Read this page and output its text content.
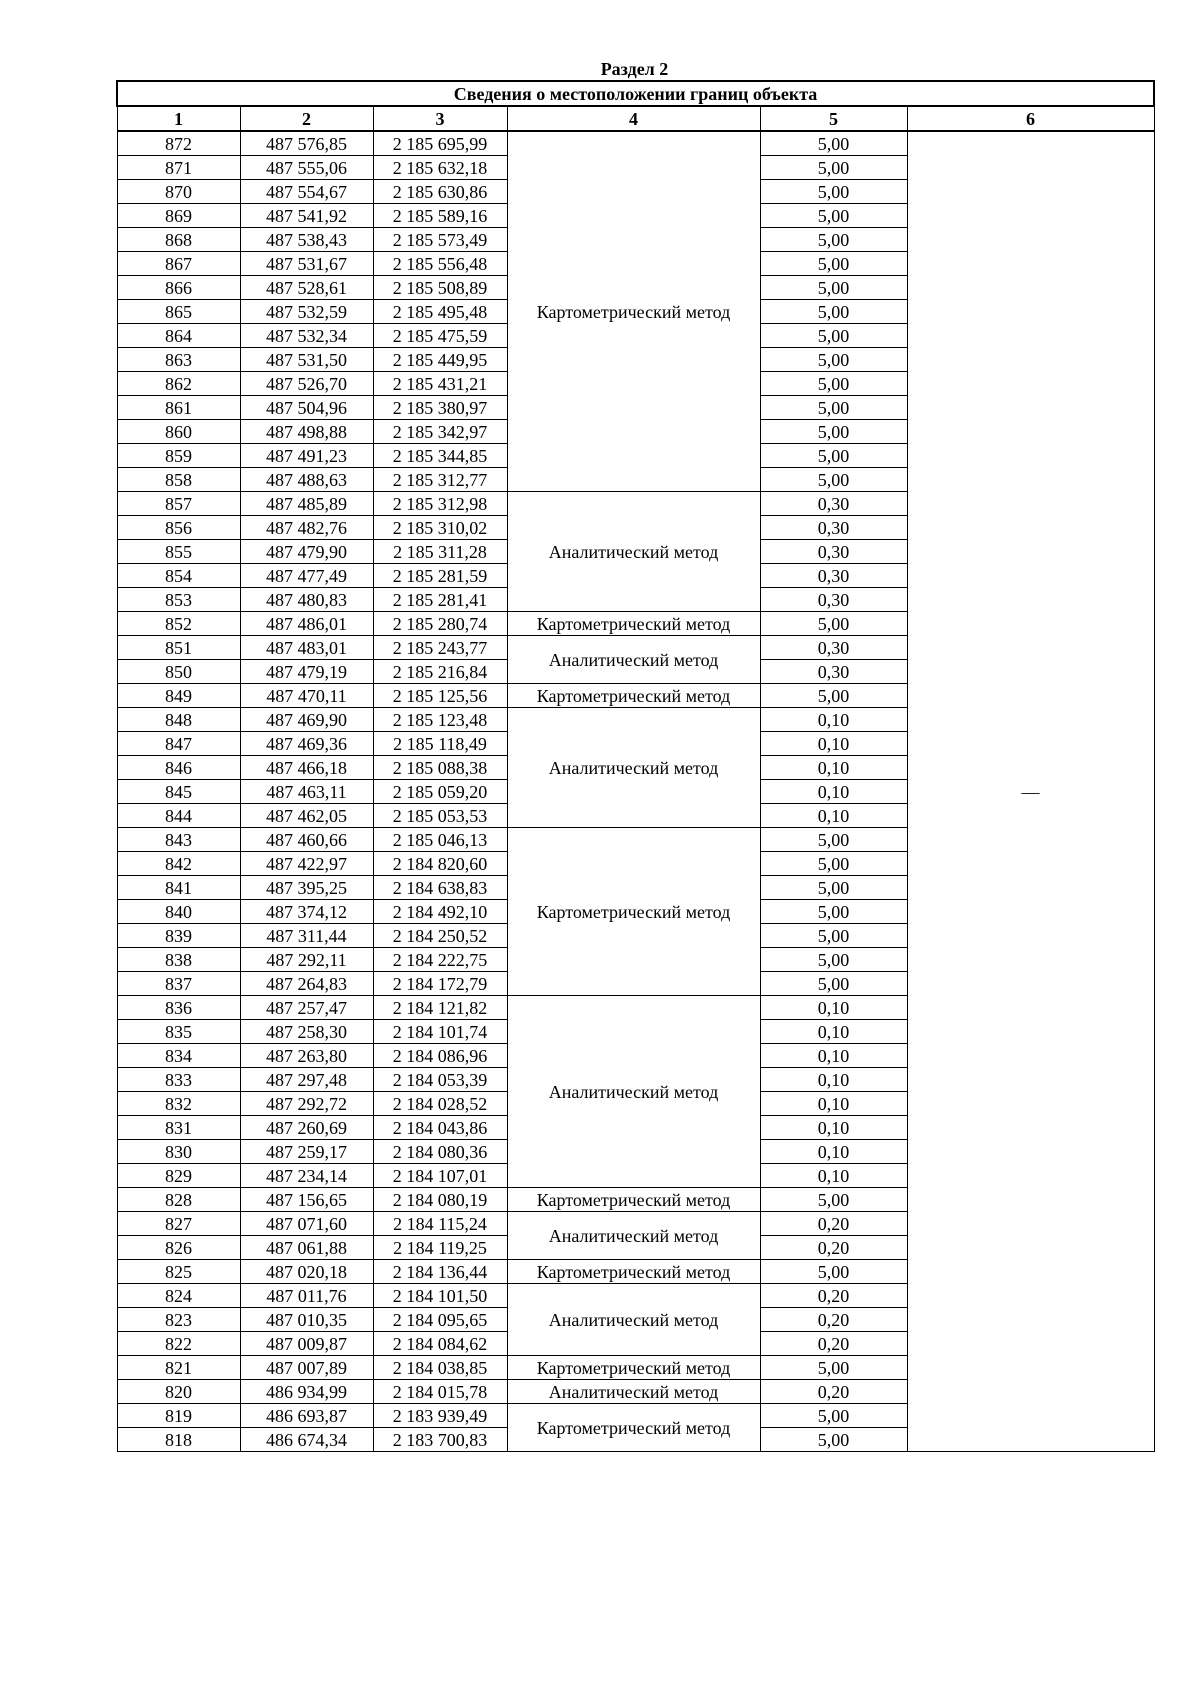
Раздел 2
Сведения о местоположении границ объекта					
1	2	3	4	5	6
872	487 576,85	2 185 695,99	Картометрический метод	5,00	—
871	487 555,06	2 185 632,18		5,00	
870	487 554,67	2 185 630,86		5,00	
869	487 541,92	2 185 589,16		5,00	
868	487 538,43	2 185 573,49		5,00	
867	487 531,67	2 185 556,48		5,00	
866	487 528,61	2 185 508,89		5,00	
865	487 532,59	2 185 495,48		5,00	
864	487 532,34	2 185 475,59		5,00	
863	487 531,50	2 185 449,95		5,00	
862	487 526,70	2 185 431,21		5,00	
861	487 504,96	2 185 380,97		5,00	
860	487 498,88	2 185 342,97		5,00	
859	487 491,23	2 185 344,85		5,00	
858	487 488,63	2 185 312,77		5,00	
857	487 485,89	2 185 312,98	Аналитический метод	0,30	
856	487 482,76	2 185 310,02		0,30	
855	487 479,90	2 185 311,28		0,30	
854	487 477,49	2 185 281,59		0,30	
853	487 480,83	2 185 281,41		0,30	
852	487 486,01	2 185 280,74	Картометрический метод	5,00	
851	487 483,01	2 185 243,77	Аналитический метод	0,30	
850	487 479,19	2 185 216,84		0,30	
849	487 470,11	2 185 125,56	Картометрический метод	5,00	
848	487 469,90	2 185 123,48	Аналитический метод	0,10	
847	487 469,36	2 185 118,49		0,10	
846	487 466,18	2 185 088,38		0,10	
845	487 463,11	2 185 059,20		0,10	
844	487 462,05	2 185 053,53		0,10	
843	487 460,66	2 185 046,13	Картометрический метод	5,00	
842	487 422,97	2 184 820,60		5,00	
841	487 395,25	2 184 638,83		5,00	
840	487 374,12	2 184 492,10		5,00	
839	487 311,44	2 184 250,52		5,00	
838	487 292,11	2 184 222,75		5,00	
837	487 264,83	2 184 172,79		5,00	
836	487 257,47	2 184 121,82	Аналитический метод	0,10	
835	487 258,30	2 184 101,74		0,10	
834	487 263,80	2 184 086,96		0,10	
833	487 297,48	2 184 053,39		0,10	
832	487 292,72	2 184 028,52		0,10	
831	487 260,69	2 184 043,86		0,10	
830	487 259,17	2 184 080,36		0,10	
829	487 234,14	2 184 107,01		0,10	
828	487 156,65	2 184 080,19	Картометрический метод	5,00	
827	487 071,60	2 184 115,24	Аналитический метод	0,20	
826	487 061,88	2 184 119,25		0,20	
825	487 020,18	2 184 136,44	Картометрический метод	5,00	
824	487 011,76	2 184 101,50	Аналитический метод	0,20	
823	487 010,35	2 184 095,65		0,20	
822	487 009,87	2 184 084,62		0,20	
821	487 007,89	2 184 038,85	Картометрический метод	5,00	
820	486 934,99	2 184 015,78	Аналитический метод	0,20	
819	486 693,87	2 183 939,49	Картометрический метод	5,00	
818	486 674,34	2 183 700,83		5,00	
